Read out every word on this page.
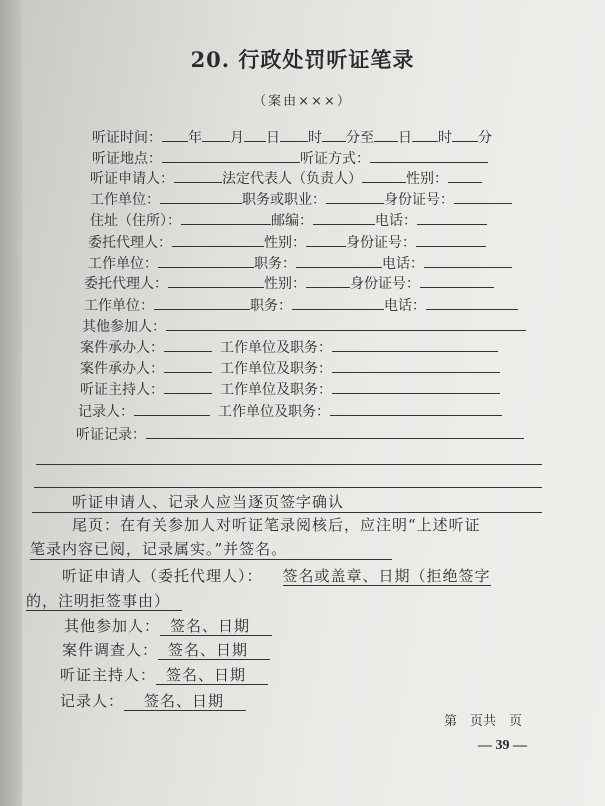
20. 行政处罚听证笔录
（案由×××）
听证时间： 年 月 日 时 分至 日 时 分
听证地点：	听证方式：
听证申请人：	法定代表人（负责人）	性别：
工作单位：	职务或职业：	身份证号：
住址（住所）：	邮编：	电话：
委托代理人：	性别：	身份证号：
工作单位：	职务：	电话：
委托代理人：	性别：	身份证号：
工作单位：	职务：	电话：
其他参加人：
案件承办人：	工作单位及职务：
案件承办人：	工作单位及职务：
听证主持人：	工作单位及职务：
记录人：	工作单位及职务：
听证记录：
听证申请人、记录人应当逐页签字确认
尾页：在有关参加人对听证笔录阅核后，应注明“上述听证
笔录内容已阅，记录属实。”并签名。
听证申请人（委托代理人）： 签名或盖章、日期（拒绝签字
的，注明拒签事由）
其他参加人： 签名、日期
案件调查人： 签名、日期
听证主持人： 签名、日期
记录人： 签名、日期
第　页共　页
— 39 —
